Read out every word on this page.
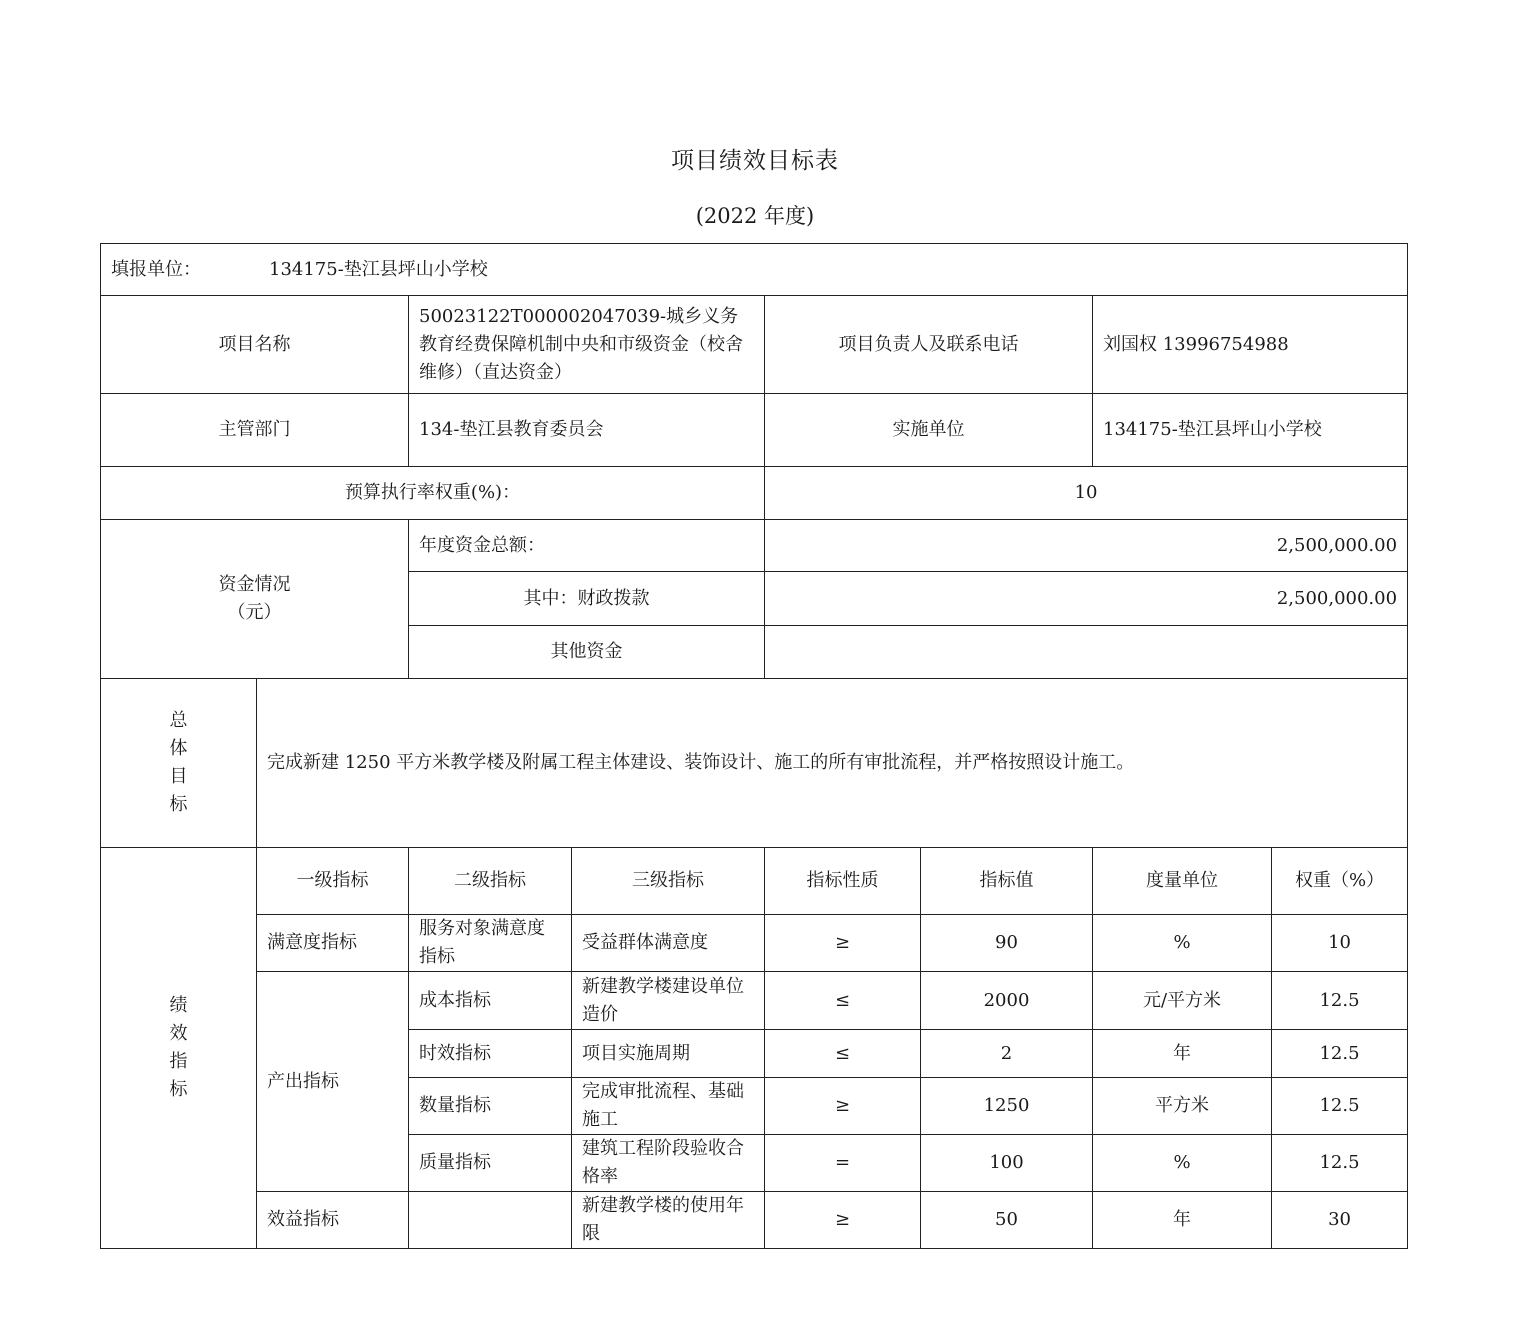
项目绩效目标表
(2022 年度)
填报单位： 134175-垫江县坪山小学校							
项目名称		50023122T000002047039-城乡义务教育经费保障机制中央和市级资金（校舍维修）（直达资金）		项目负责人及联系电话		刘国权 13996754988	
主管部门		134-垫江县教育委员会		实施单位		134175-垫江县坪山小学校	
预算执行率权重(%)：				10			

资金情况
（元）		年度资金总额：		2,500,000.00			
		其中：财政拨款		2,500,000.00			
		其他资金					

总
体
目
标	完成新建 1250 平方米教学楼及附属工程主体建设、装饰设计、施工的所有审批流程，并严格按照设计施工。						

绩
效
指
标	一级指标	二级指标	三级指标	指标性质	指标值	度量单位	权重（%）
	满意度指标	服务对象满意度指标	受益群体满意度	≥	90	%	10
	产出指标	成本指标	新建教学楼建设单位造价	≤	2000	元/平方米	12.5
		时效指标	项目实施周期	≤	2	年	12.5
		数量指标	完成审批流程、基础施工	≥	1250	平方米	12.5
		质量指标	建筑工程阶段验收合格率	=	100	%	12.5
	效益指标		新建教学楼的使用年限	≥	50	年	30
